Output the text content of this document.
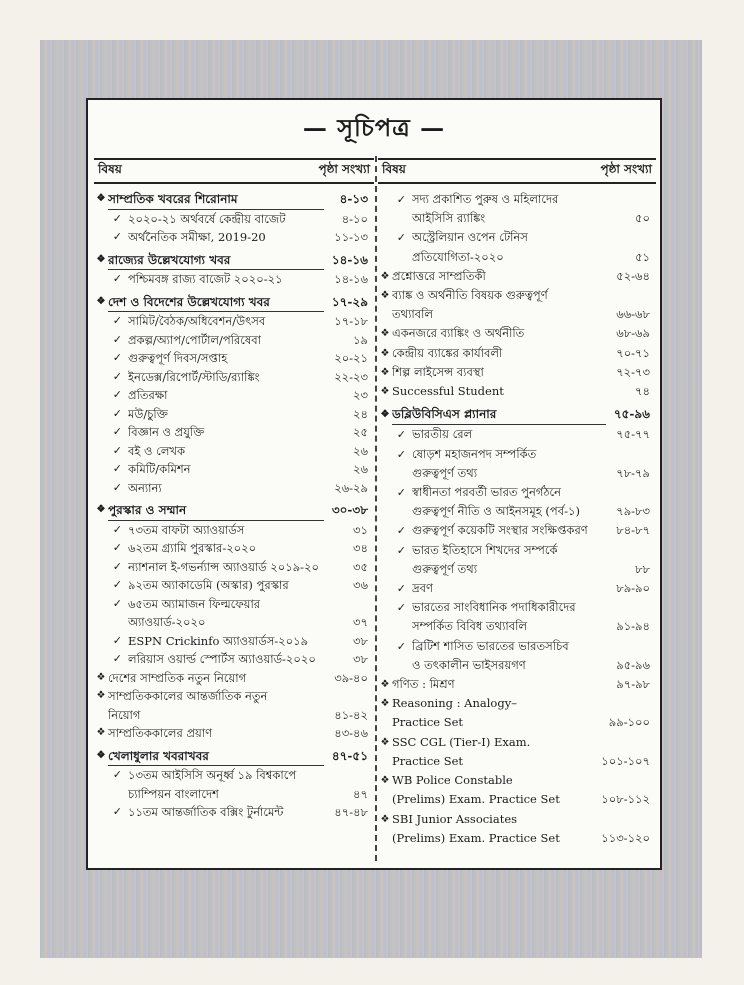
— সূচিপত্র —
বিষয়	পৃষ্ঠা সংখ্যা
❖ সাম্প্রতিক খবরের শিরোনাম	৪-১৩
✓ ২০২০-২১ অর্থবর্ষে কেন্দ্রীয় বাজেট	৪-১০
✓ অর্থনৈতিক সমীক্ষা, 2019-20	১১-১৩
❖ রাজ্যের উল্লেখযোগ্য খবর	১৪-১৬
✓ পশ্চিমবঙ্গ রাজ্য বাজেট ২০২০-২১	১৪-১৬
❖ দেশ ও বিদেশের উল্লেখযোগ্য খবর	১৭-২৯
✓ সামিট/বৈঠক/অধিবেশন/উৎসব	১৭-১৮
✓ প্রকল্প/অ্যাপ/পোর্টাল/পরিষেবা	১৯
✓ গুরুত্বপূর্ণ দিবস/সপ্তাহ	২০-২১
✓ ইনডেক্স/রিপোর্ট/স্টাডি/র‍্যাঙ্কিং	২২-২৩
✓ প্রতিরক্ষা	২৩
✓ মউ/চুক্তি	২৪
✓ বিজ্ঞান ও প্রযুক্তি	২৫
✓ বই ও লেখক	২৬
✓ কমিটি/কমিশন	২৬
✓ অন্যান্য	২৬-২৯
❖ পুরস্কার ও সম্মান	৩০-৩৮
✓ ৭৩তম বাফটা অ্যাওয়ার্ডস	৩১
✓ ৬২তম গ্র্যামি পুরস্কার-২০২০	৩৪
✓ ন্যাশনাল ই-গভর্ন্যান্স অ্যাওয়ার্ড ২০১৯-২০	৩৫
✓ ৯২তম অ্যাকাডেমি (অস্কার) পুরস্কার	৩৬
✓ ৬৫তম অ্যামাজন ফিল্মফেয়ার
অ্যাওয়ার্ড-২০২০	৩৭
✓ ESPN Crickinfo অ্যাওয়ার্ডস-২০১৯	৩৮
✓ লরিয়াস ওয়ার্ল্ড স্পোর্টস অ্যাওয়ার্ড-২০২০	৩৮
❖ দেশের সাম্প্রতিক নতুন নিয়োগ	৩৯-৪০
❖ সাম্প্রতিককালের আন্তর্জাতিক নতুন
নিয়োগ	৪১-৪২
❖ সাম্প্রতিককালের প্রয়াণ	৪৩-৪৬
❖ খেলাধুলার খবরাখবর	৪৭-৫১
✓ ১৩তম আইসিসি অনূর্ধ্ব ১৯ বিশ্বকাপে
চ্যাম্পিয়ন বাংলাদেশ	৪৭
✓ ১১তম আন্তর্জাতিক বক্সিং টুর্নামেন্ট	৪৭-৪৮
বিষয়	পৃষ্ঠা সংখ্যা
✓ সদ্য প্রকাশিত পুরুষ ও মহিলাদের
আইসিসি র‍্যাঙ্কিং	৫০
✓ অস্ট্রেলিয়ান ওপেন টেনিস
প্রতিযোগিতা-২০২০	৫১
❖ প্রশ্নোত্তরে সাম্প্রতিকী	৫২-৬৪
❖ ব্যাঙ্ক ও অর্থনীতি বিষয়ক গুরুত্বপূর্ণ
তথ্যাবলি	৬৬-৬৮
❖ একনজরে ব্যাঙ্কিং ও অর্থনীতি	৬৮-৬৯
❖ কেন্দ্রীয় ব্যাঙ্কের কার্যাবলী	৭০-৭১
❖ শিল্প লাইসেন্স ব্যবস্থা	৭২-৭৩
❖ Successful Student	৭৪
❖ ডব্লিউবিসিএস প্ল্যানার	৭৫-৯৬
✓ ভারতীয় রেল	৭৫-৭৭
✓ ষোড়শ মহাজনপদ সম্পর্কিত
গুরুত্বপূর্ণ তথ্য	৭৮-৭৯
✓ স্বাধীনতা পরবর্তী ভারত পুনর্গঠনে
গুরুত্বপূর্ণ নীতি ও আইনসমূহ (পর্ব-১)	৭৯-৮৩
✓ গুরুত্বপূর্ণ কয়েকটি সংস্থার সংক্ষিপ্তকরণ	৮৪-৮৭
✓ ভারত ইতিহাসে শিখদের সম্পর্কে
গুরুত্বপূর্ণ তথ্য	৮৮
✓ দ্রবণ	৮৯-৯০
✓ ভারতের সাংবিধানিক পদাধিকারীদের
সম্পর্কিত বিবিধ তথ্যাবলি	৯১-৯৪
✓ ব্রিটিশ শাসিত ভারতের ভারতসচিব
ও তৎকালীন ভাইসরয়গণ	৯৫-৯৬
❖ গণিত : মিশ্রণ	৯৭-৯৮
❖ Reasoning : Analogy–
Practice Set	৯৯-১০০
❖ SSC CGL (Tier-I) Exam.
Practice Set	১০১-১০৭
❖ WB Police Constable
(Prelims) Exam. Practice Set	১০৮-১১২
❖ SBI Junior Associates
(Prelims) Exam. Practice Set	১১৩-১২০
